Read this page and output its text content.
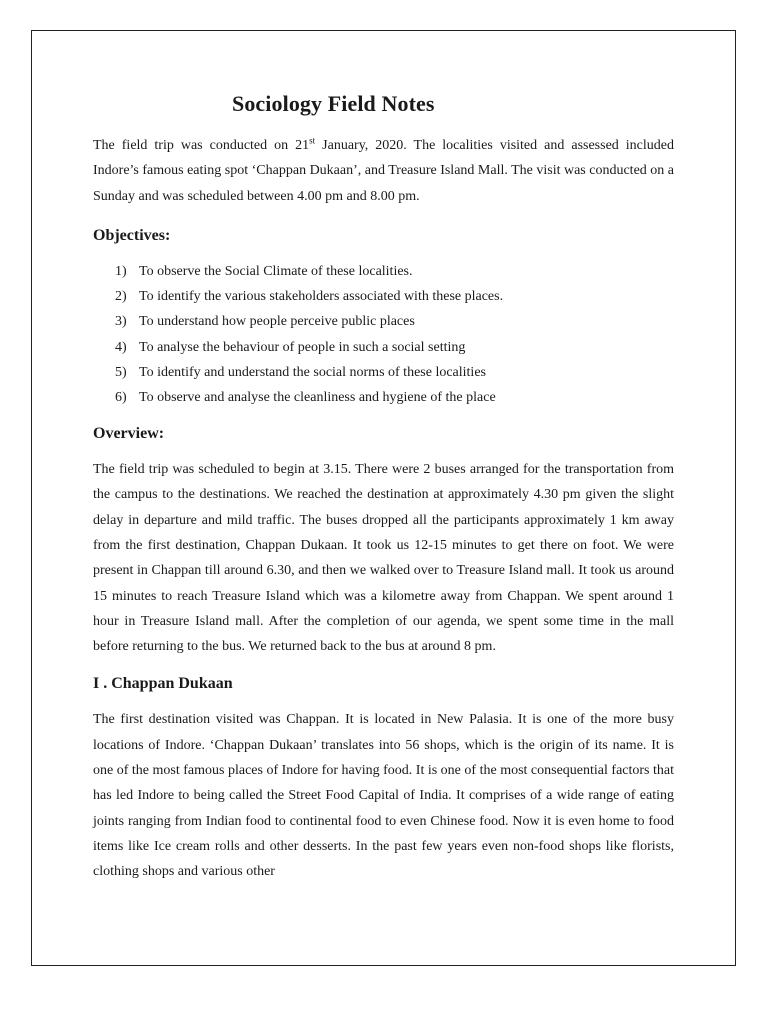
Sociology Field Notes

The field trip was conducted on 21st January, 2020. The localities visited and assessed included Indore’s famous eating spot ‘Chappan Dukaan’, and Treasure Island Mall. The visit was conducted on a Sunday and was scheduled between 4.00 pm and 8.00 pm.

Objectives:
1) To observe the Social Climate of these localities.
2) To identify the various stakeholders associated with these places.
3) To understand how people perceive public places
4) To analyse the behaviour of people in such a social setting
5) To identify and understand the social norms of these localities
6) To observe and analyse the cleanliness and hygiene of the place
Overview:

The field trip was scheduled to begin at 3.15. There were 2 buses arranged for the transportation from the campus to the destinations. We reached the destination at approximately 4.30 pm given the slight delay in departure and mild traffic. The buses dropped all the participants approximately 1 km away from the first destination, Chappan Dukaan. It took us 12-15 minutes to get there on foot. We were present in Chappan till around 6.30, and then we walked over to Treasure Island mall. It took us around 15 minutes to reach Treasure Island which was a kilometre away from Chappan. We spent around 1 hour in Treasure Island mall. After the completion of our agenda, we spent some time in the mall before returning to the bus. We returned back to the bus at around 8 pm.

I . Chappan Dukaan

The first destination visited was Chappan. It is located in New Palasia. It is one of the more busy locations of Indore. ‘Chappan Dukaan’ translates into 56 shops, which is the origin of its name. It is one of the most famous places of Indore for having food. It is one of the most consequential factors that has led Indore to being called the Street Food Capital of India. It comprises of a wide range of eating joints ranging from Indian food to continental food to even Chinese food. Now it is even home to food items like Ice cream rolls and other desserts. In the past few years even non-food shops like florists, clothing shops and various other
